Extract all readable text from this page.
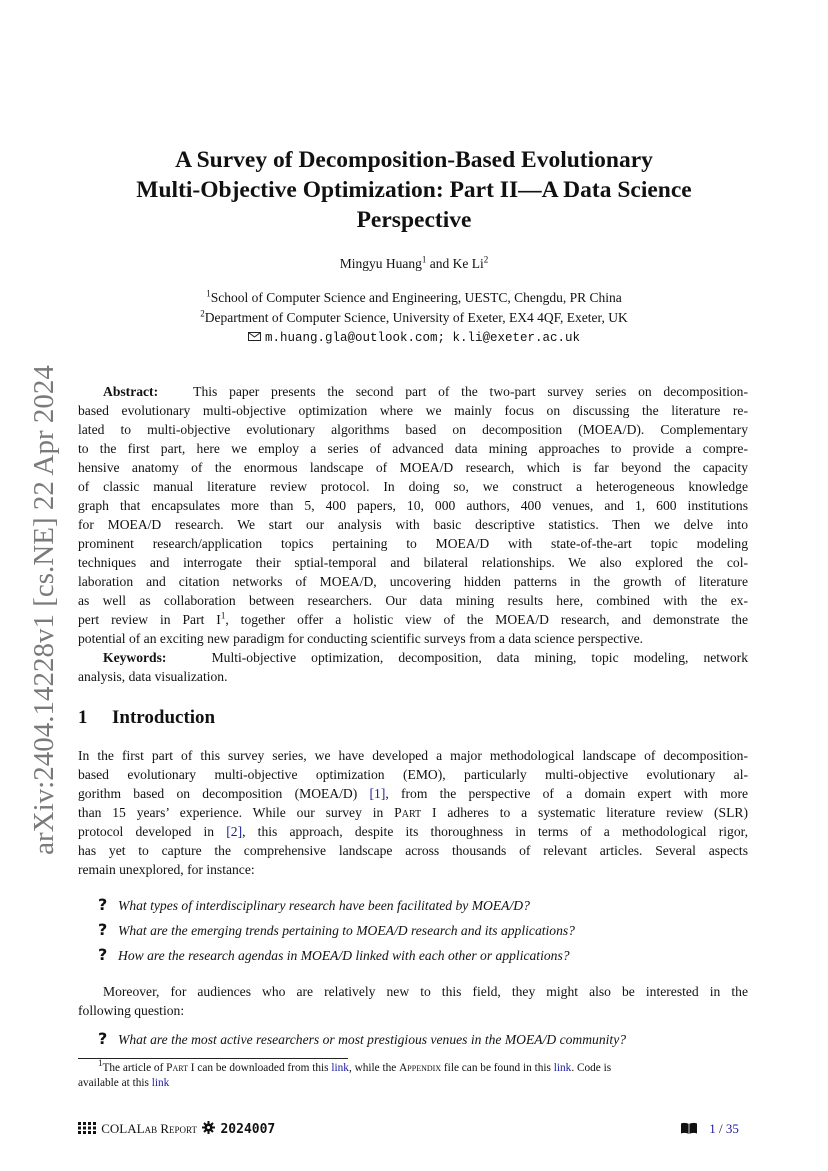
arXiv:2404.14228v1 [cs.NE] 22 Apr 2024
A Survey of Decomposition-Based Evolutionary
Multi-Objective Optimization: Part II—A Data Science
Perspective
Mingyu Huang$^1$ and Ke Li$^2$
$^1$School of Computer Science and Engineering, UESTC, Chengdu, PR China
$^2$Department of Computer Science, University of Exeter, EX4 4QF, Exeter, UK
m.huang.gla@outlook.com; k.li@exeter.ac.uk
Abstract:	This paper presents the second part of the two-part survey series on decomposition-
based evolutionary multi-objective optimization where we mainly focus on discussing the literature re-
lated to multi-objective evolutionary algorithms based on decomposition (MOEA/D). Complementary
to the first part, here we employ a series of advanced data mining approaches to provide a compre-
hensive anatomy of the enormous landscape of MOEA/D research, which is far beyond the capacity
of classic manual literature review protocol. In doing so, we construct a heterogeneous knowledge
graph that encapsulates more than 5, 400 papers, 10, 000 authors, 400 venues, and 1, 600 institutions
for MOEA/D research. We start our analysis with basic descriptive statistics. Then we delve into
prominent research/application topics pertaining to MOEA/D with state-of-the-art topic modeling
techniques and interrogate their sptial-temporal and bilateral relationships. We also explored the col-
laboration and citation networks of MOEA/D, uncovering hidden patterns in the growth of literature
as well as collaboration between researchers. Our data mining results here, combined with the ex-
pert review in Part $I^1$, together offer a holistic view of the MOEA/D research, and demonstrate the
potential of an exciting new paradigm for conducting scientific surveys from a data science perspective.
Keywords:	Multi-objective optimization, decomposition, data mining, topic modeling, network
analysis, data visualization.
1 Introduction
In the first part of this survey series, we have developed a major methodological landscape of decomposition-
based evolutionary multi-objective optimization (EMO), particularly multi-objective evolutionary al-
gorithm based on decomposition (MOEA/D) [1], from the perspective of a domain expert with more
than 15 years’ experience. While our survey in Part I adheres to a systematic literature review (SLR)
protocol developed in [2], this approach, despite its thoroughness in terms of a methodological rigor,
has yet to capture the comprehensive landscape across thousands of relevant articles. Several aspects
remain unexplored, for instance:
? What types of interdisciplinary research have been facilitated by MOEA/D?
? What are the emerging trends pertaining to MOEA/D research and its applications?
? How are the research agendas in MOEA/D linked with each other or applications?
Moreover, for audiences who are relatively new to this field, they might also be interested in the
following question:
? What are the most active researchers or most prestigious venues in the MOEA/D community?
$^1$The article of Part I can be downloaded from this link, while the Appendix file can be found in this link. Code is
available at this link
COLALab Report 2024007	1 / 35
